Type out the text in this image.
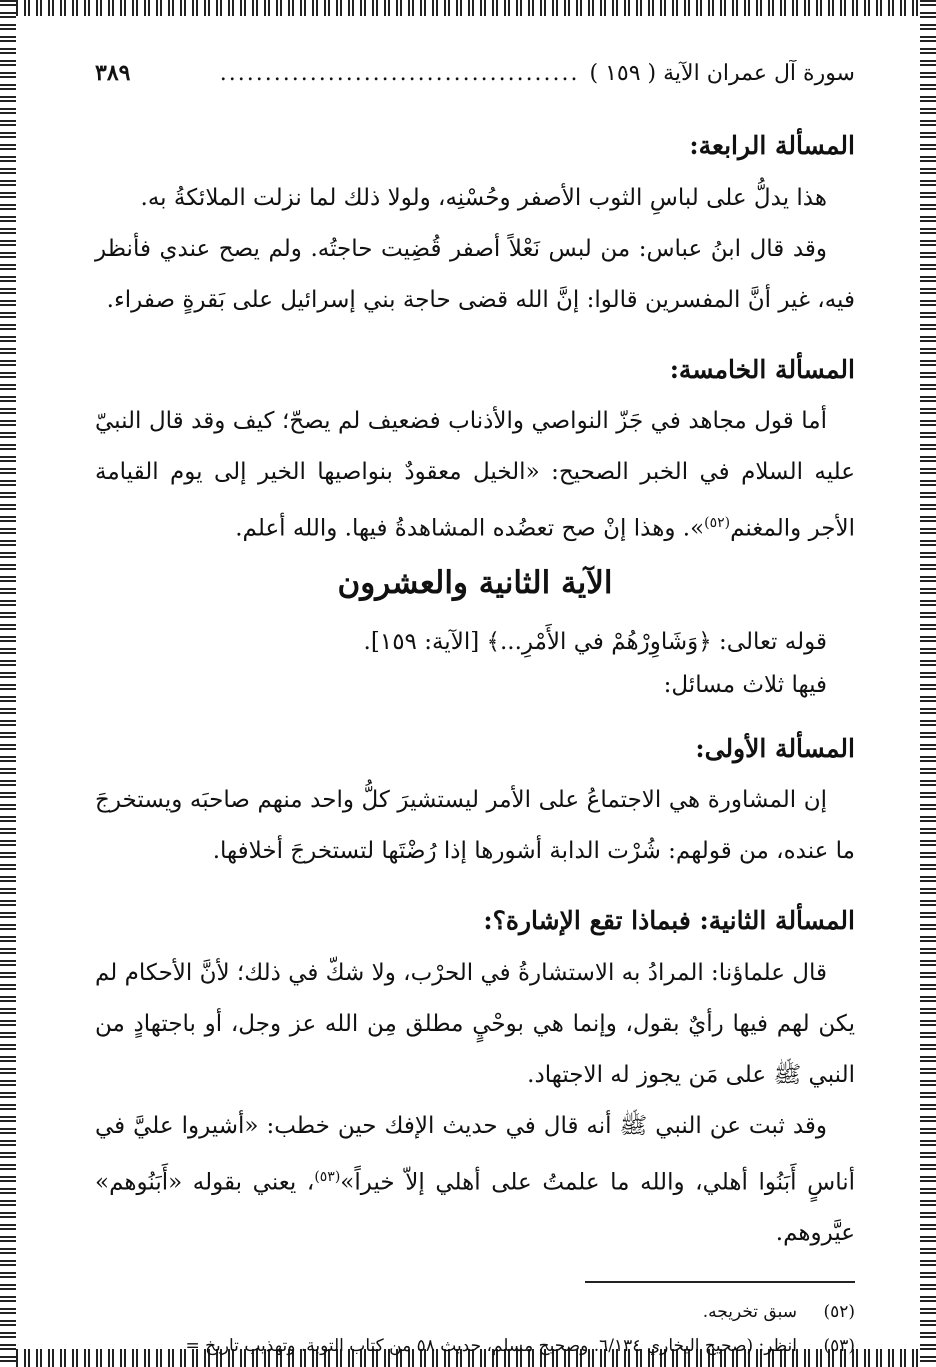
سورة آل عمران الآية ( ١٥٩ )
........................................
٣٨٩
المسألة الرابعة:

هذا يدلُّ على لباسِ الثوب الأصفر وحُسْنِه، ولولا ذلك لما نزلت الملائكةُ به.

وقد قال ابنُ عباس: من لبس نَعْلاً أصفر قُضِيت حاجتُه. ولم يصح عندي فأنظر فيه، غير أنَّ المفسرين قالوا: إنَّ الله قضى حاجة بني إسرائيل على بَقرةٍ صفراء.

المسألة الخامسة:

أما قول مجاهد في جَزّ النواصي والأذناب فضعيف لم يصحّ؛ كيف وقد قال النبيّ عليه السلام في الخبر الصحيح: «الخيل معقودٌ بنواصيها الخير إلى يوم القيامة الأجر والمغنم$^{(٥٢)}$». وهذا إنْ صح تعضُده المشاهدةُ فيها. والله أعلم.

الآية الثانية والعشرون

قوله تعالى: ﴿وَشَاوِرْهُمْ في الأَمْرِ...﴾ [الآية: ١٥٩].

فيها ثلاث مسائل:

المسألة الأولى:

إن المشاورة هي الاجتماعُ على الأمر ليستشيرَ كلُّ واحد منهم صاحبَه ويستخرجَ ما عنده، من قولهم: شُرْت الدابة أشورها إذا رُضْتَها لتستخرجَ أخلافها.

المسألة الثانية: فبماذا تقع الإشارة؟:

قال علماؤنا: المرادُ به الاستشارةُ في الحرْب، ولا شكّ في ذلك؛ لأنَّ الأحكام لم يكن لهم فيها رأيٌ بقول، وإنما هي بوحْيٍ مطلق مِن الله عز وجل، أو باجتهادٍ من النبي ﷺ على مَن يجوز له الاجتهاد.

وقد ثبت عن النبي ﷺ أنه قال في حديث الإفك حين خطب: «أشيروا عليَّ في أناسٍ أَبَنُوا أهلي، والله ما علمتُ على أهلي إلاّ خيراً»$^{(٥٣)}$، يعني بقوله «أَبَنُوهم» عيَّروهم.

(٥٢)سبق تخريجه.
(٥٣)انظر: (صحيح البخاري ٦/١٣٤. وصحيح مسلم، حديث ٥٨ من كتاب التوبة. وتهذيب تاريخ =
